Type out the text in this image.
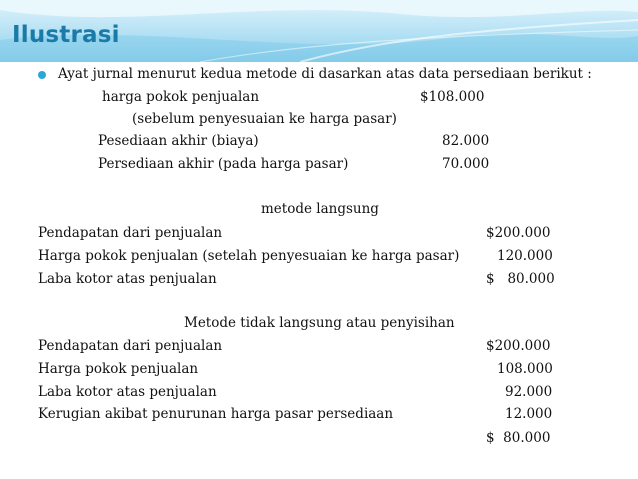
Ilustrasi
Ayat jurnal menurut kedua metode di dasarkan atas data persediaan berikut :
harga pokok penjualan	$108.000
(sebelum penyesuaian ke harga pasar)
Pesediaan akhir (biaya)	82.000
Persediaan akhir (pada harga pasar)	70.000
metode langsung
Pendapatan dari penjualan	$200.000
Harga pokok penjualan (setelah penyesuaian ke harga pasar)	120.000
Laba kotor atas penjualan	$   80.000
Metode tidak langsung atau penyisihan
Pendapatan dari penjualan	$200.000
Harga pokok penjualan	108.000
Laba kotor atas penjualan	92.000
Kerugian akibat penurunan harga pasar persediaan	12.000
$  80.000
